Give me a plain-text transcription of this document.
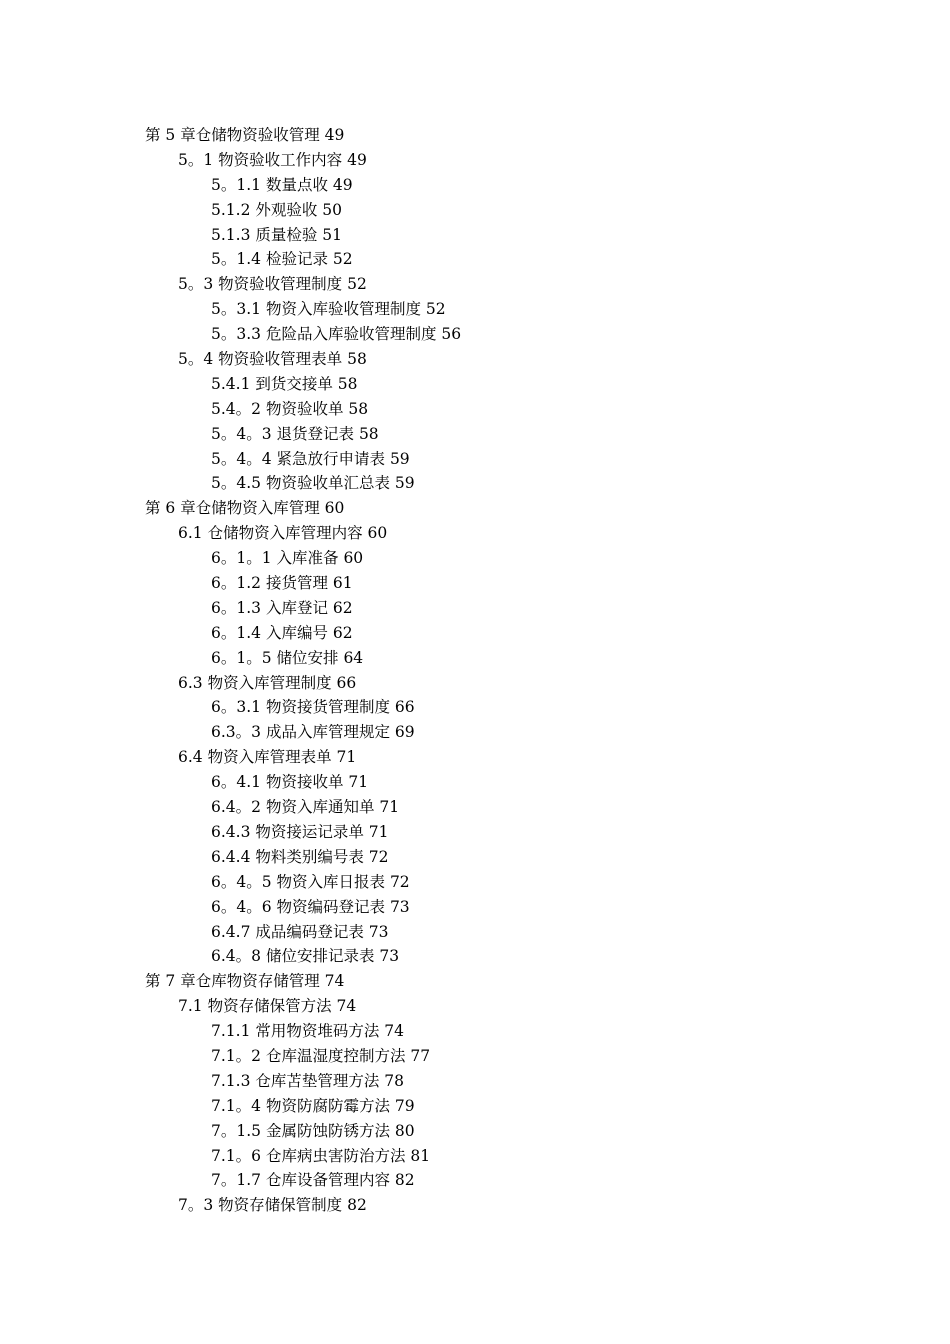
第 5 章仓储物资验收管理 49
5。1 物资验收工作内容 49
5。1.1 数量点收 49
5.1.2 外观验收 50
5.1.3 质量检验 51
5。1.4 检验记录 52
5。3 物资验收管理制度 52
5。3.1 物资入库验收管理制度 52
5。3.3 危险品入库验收管理制度 56
5。4 物资验收管理表单 58
5.4.1 到货交接单 58
5.4。2 物资验收单 58
5。4。3 退货登记表 58
5。4。4 紧急放行申请表 59
5。4.5 物资验收单汇总表 59
第 6 章仓储物资入库管理 60
6.1 仓储物资入库管理内容 60
6。1。1 入库准备 60
6。1.2 接货管理 61
6。1.3 入库登记 62
6。1.4 入库编号 62
6。1。5 储位安排 64
6.3 物资入库管理制度 66
6。3.1 物资接货管理制度 66
6.3。3 成品入库管理规定 69
6.4 物资入库管理表单 71
6。4.1 物资接收单 71
6.4。2 物资入库通知单 71
6.4.3 物资接运记录单 71
6.4.4 物料类别编号表 72
6。4。5 物资入库日报表 72
6。4。6 物资编码登记表 73
6.4.7 成品编码登记表 73
6.4。8 储位安排记录表 73
第 7 章仓库物资存储管理 74
7.1 物资存储保管方法 74
7.1.1 常用物资堆码方法 74
7.1。2 仓库温湿度控制方法 77
7.1.3 仓库苫垫管理方法 78
7.1。4 物资防腐防霉方法 79
7。1.5 金属防蚀防锈方法 80
7.1。6 仓库病虫害防治方法 81
7。1.7 仓库设备管理内容 82
7。3 物资存储保管制度 82
